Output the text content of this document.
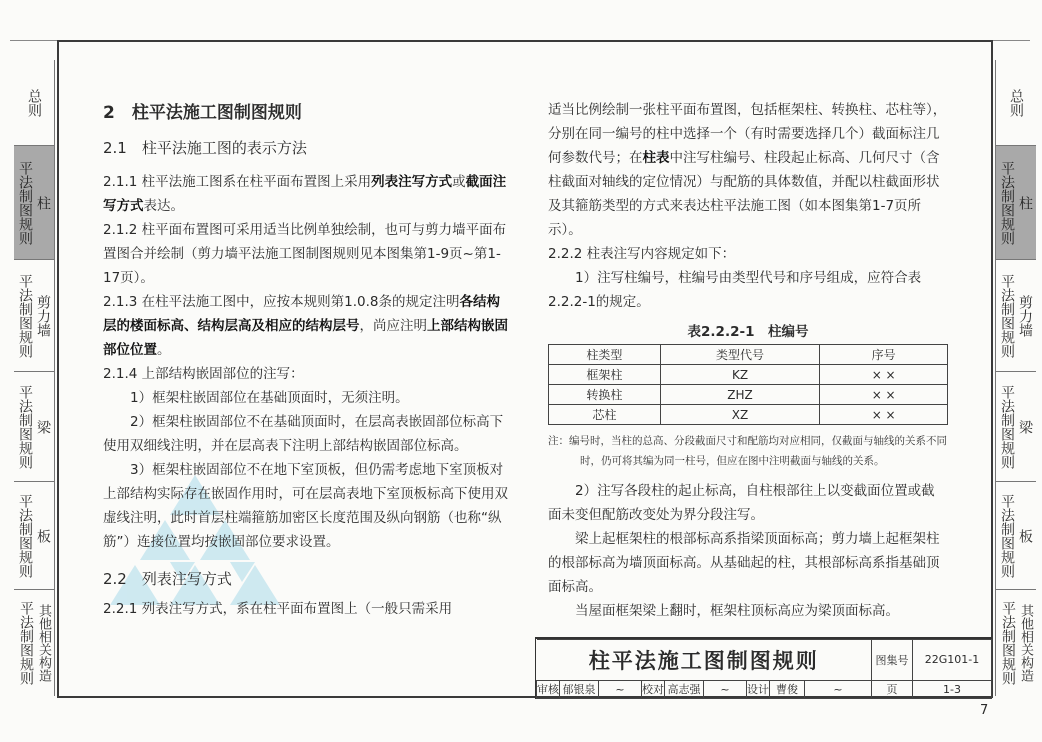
总则
平法制图规则 柱
平法制图规则 剪力墙
平法制图规则 梁
平法制图规则 板
平法制图规则 其他相关构造
总则
平法制图规则 柱
平法制图规则 剪力墙
平法制图规则 梁
平法制图规则 板
平法制图规则 其他相关构造
2　柱平法施工图制图规则
2.1　柱平法施工图的表示方法
2.1.1 柱平法施工图系在柱平面布置图上采用列表注写方式或截面注写方式表达。
2.1.2 柱平面布置图可采用适当比例单独绘制，也可与剪力墙平面布置图合并绘制（剪力墙平法施工图制图规则见本图集第1-9页~第1-17页）。
2.1.3 在柱平法施工图中，应按本规则第1.0.8条的规定注明各结构层的楼面标高、结构层高及相应的结构层号，尚应注明上部结构嵌固部位位置。
2.1.4 上部结构嵌固部位的注写：
1）框架柱嵌固部位在基础顶面时，无须注明。
2）框架柱嵌固部位不在基础顶面时，在层高表嵌固部位标高下使用双细线注明，并在层高表下注明上部结构嵌固部位标高。
3）框架柱嵌固部位不在地下室顶板，但仍需考虑地下室顶板对上部结构实际存在嵌固作用时，可在层高表地下室顶板标高下使用双虚线注明，此时首层柱端箍筋加密区长度范围及纵向钢筋（也称“纵筋”）连接位置均按嵌固部位要求设置。
2.2　列表注写方式
2.2.1 列表注写方式，系在柱平面布置图上（一般只需采用
适当比例绘制一张柱平面布置图，包括框架柱、转换柱、芯柱等），分别在同一编号的柱中选择一个（有时需要选择几个）截面标注几何参数代号；在柱表中注写柱编号、柱段起止标高、几何尺寸（含柱截面对轴线的定位情况）与配筋的具体数值，并配以柱截面形状及其箍筋类型的方式来表达柱平法施工图（如本图集第1-7页所示）。
2.2.2 柱表注写内容规定如下：
1）注写柱编号，柱编号由类型代号和序号组成，应符合表2.2.2-1的规定。
表2.2.2-1　柱编号
柱类型	类型代号	序号
框架柱	KZ	× ×
转换柱	ZHZ	× ×
芯柱	XZ	× ×
注：编号时，当柱的总高、分段截面尺寸和配筋均对应相同，仅截面与轴线的关系不同时，仍可将其编为同一柱号，但应在图中注明截面与轴线的关系。
2）注写各段柱的起止标高，自柱根部往上以变截面位置或截面未变但配筋改变处为界分段注写。
梁上起框架柱的根部标高系指梁顶面标高；剪力墙上起框架柱的根部标高为墙顶面标高。从基础起的柱，其根部标高系指基础顶面标高。
当屋面框架梁上翻时，框架柱顶标高应为梁顶面标高。
柱平法施工图制图规则									图集号	22G101-1
审核	郁银泉	~	校对	高志强	~	设计	曹俊	~	页	1-3
7
